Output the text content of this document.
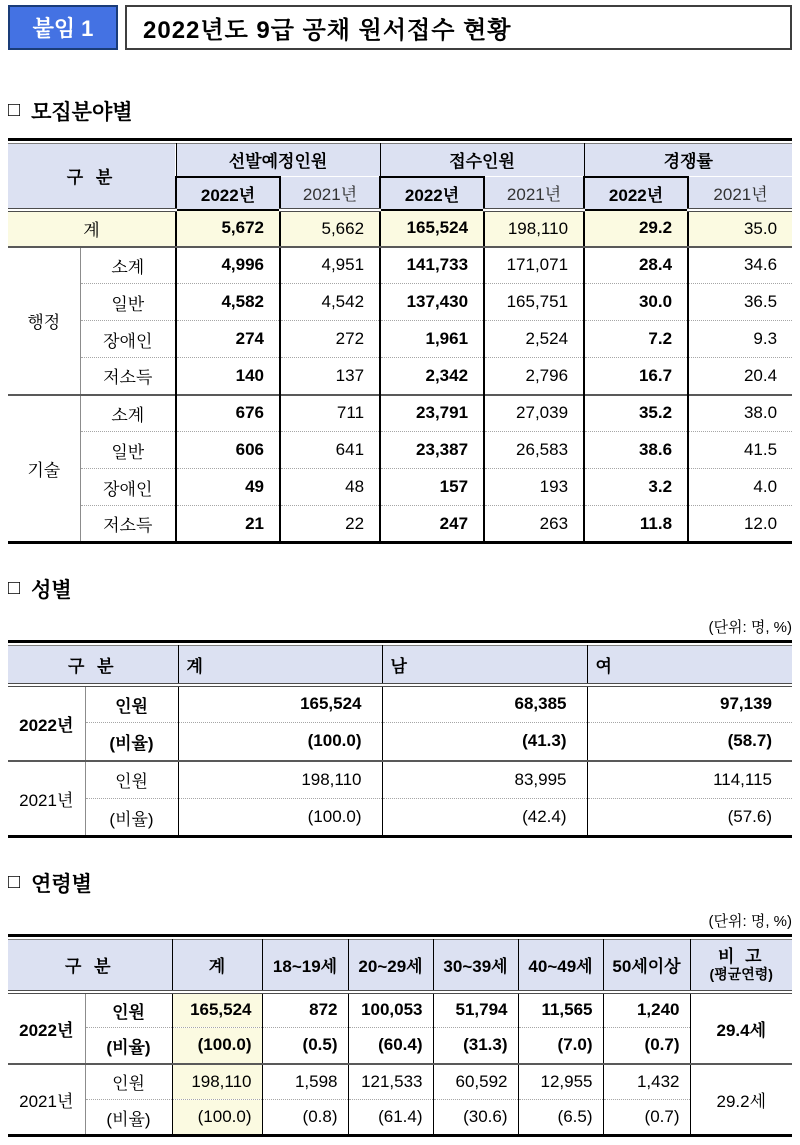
붙임 1	2022년도 9급 공채 원서접수 현황
□ 모집분야별
구 분		선발예정인원		접수인원		경쟁률	
		2022년	2021년	2022년	2021년	2022년	2021년
계		5,672	5,662	165,524	198,110	29.2	35.0
행정	소계	4,996	4,951	141,733	171,071	28.4	34.6
	일반	4,582	4,542	137,430	165,751	30.0	36.5
	장애인	274	272	1,961	2,524	7.2	9.3
	저소득	140	137	2,342	2,796	16.7	20.4
기술	소계	676	711	23,791	27,039	35.2	38.0
	일반	606	641	23,387	26,583	38.6	41.5
	장애인	49	48	157	193	3.2	4.0
	저소득	21	22	247	263	11.8	12.0
□ 성별
(단위: 명, %)
구 분		계	남	여
2022년	인원	165,524	68,385	97,139
	(비율)	(100.0)	(41.3)	(58.7)
2021년	인원	198,110	83,995	114,115
	(비율)	(100.0)	(42.4)	(57.6)
□ 연령별
(단위: 명, %)
구 분		계	18~19세	20~29세	30~39세	40~49세	50세이상	비 고
(평균연령)

2022년	인원	165,524	872	100,053	51,794	11,565	1,240	29.4세
	(비율)	(100.0)	(0.5)	(60.4)	(31.3)	(7.0)	(0.7)	
2021년	인원	198,110	1,598	121,533	60,592	12,955	1,432	29.2세
	(비율)	(100.0)	(0.8)	(61.4)	(30.6)	(6.5)	(0.7)	
